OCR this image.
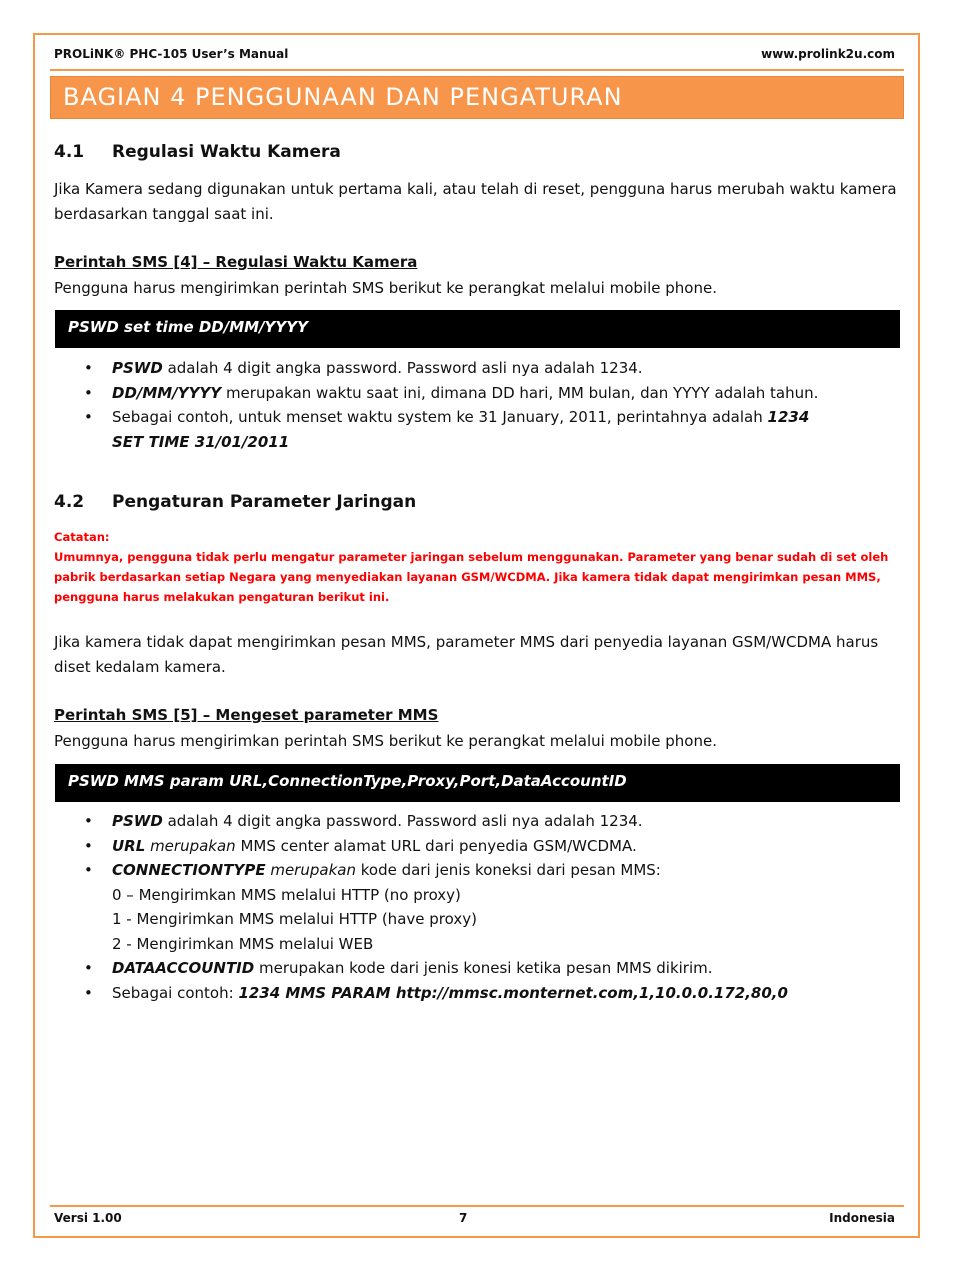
PROLiNK® PHC-105 User’s Manual	www.prolink2u.com
BAGIAN 4 PENGGUNAAN DAN PENGATURAN
4.1 Regulasi Waktu Kamera
Jika Kamera sedang digunakan untuk pertama kali, atau telah di reset, pengguna harus merubah waktu kamera berdasarkan tanggal saat ini.
Perintah SMS [4] – Regulasi Waktu Kamera
Pengguna harus mengirimkan perintah SMS berikut ke perangkat melalui mobile phone.
PSWD set time DD/MM/YYYY
• PSWD adalah 4 digit angka password. Password asli nya adalah 1234.
• DD/MM/YYYY merupakan waktu saat ini, dimana DD hari, MM bulan, dan YYYY adalah tahun.
• Sebagai contoh, untuk menset waktu system ke 31 January, 2011, perintahnya adalah 1234 SET TIME 31/01/2011
4.2 Pengaturan Parameter Jaringan
Catatan:
Umumnya, pengguna tidak perlu mengatur parameter jaringan sebelum menggunakan. Parameter yang benar sudah di set oleh pabrik berdasarkan setiap Negara yang menyediakan layanan GSM/WCDMA. Jika kamera tidak dapat mengirimkan pesan MMS, pengguna harus melakukan pengaturan berikut ini.
Jika kamera tidak dapat mengirimkan pesan MMS, parameter MMS dari penyedia layanan GSM/WCDMA harus diset kedalam kamera.
Perintah SMS [5] – Mengeset parameter MMS
Pengguna harus mengirimkan perintah SMS berikut ke perangkat melalui mobile phone.
PSWD MMS param URL,ConnectionType,Proxy,Port,DataAccountID
• PSWD adalah 4 digit angka password. Password asli nya adalah 1234.
• URL merupakan MMS center alamat URL dari penyedia GSM/WCDMA.
• CONNECTIONTYPE merupakan kode dari jenis koneksi dari pesan MMS:
0 – Mengirimkan MMS melalui HTTP (no proxy)
1 - Mengirimkan MMS melalui HTTP (have proxy)
2 - Mengirimkan MMS melalui WEB
• DATAACCOUNTID merupakan kode dari jenis konesi ketika pesan MMS dikirim.
• Sebagai contoh: 1234 MMS PARAM http://mmsc.monternet.com,1,10.0.0.172,80,0
Versi 1.00	7	Indonesia
